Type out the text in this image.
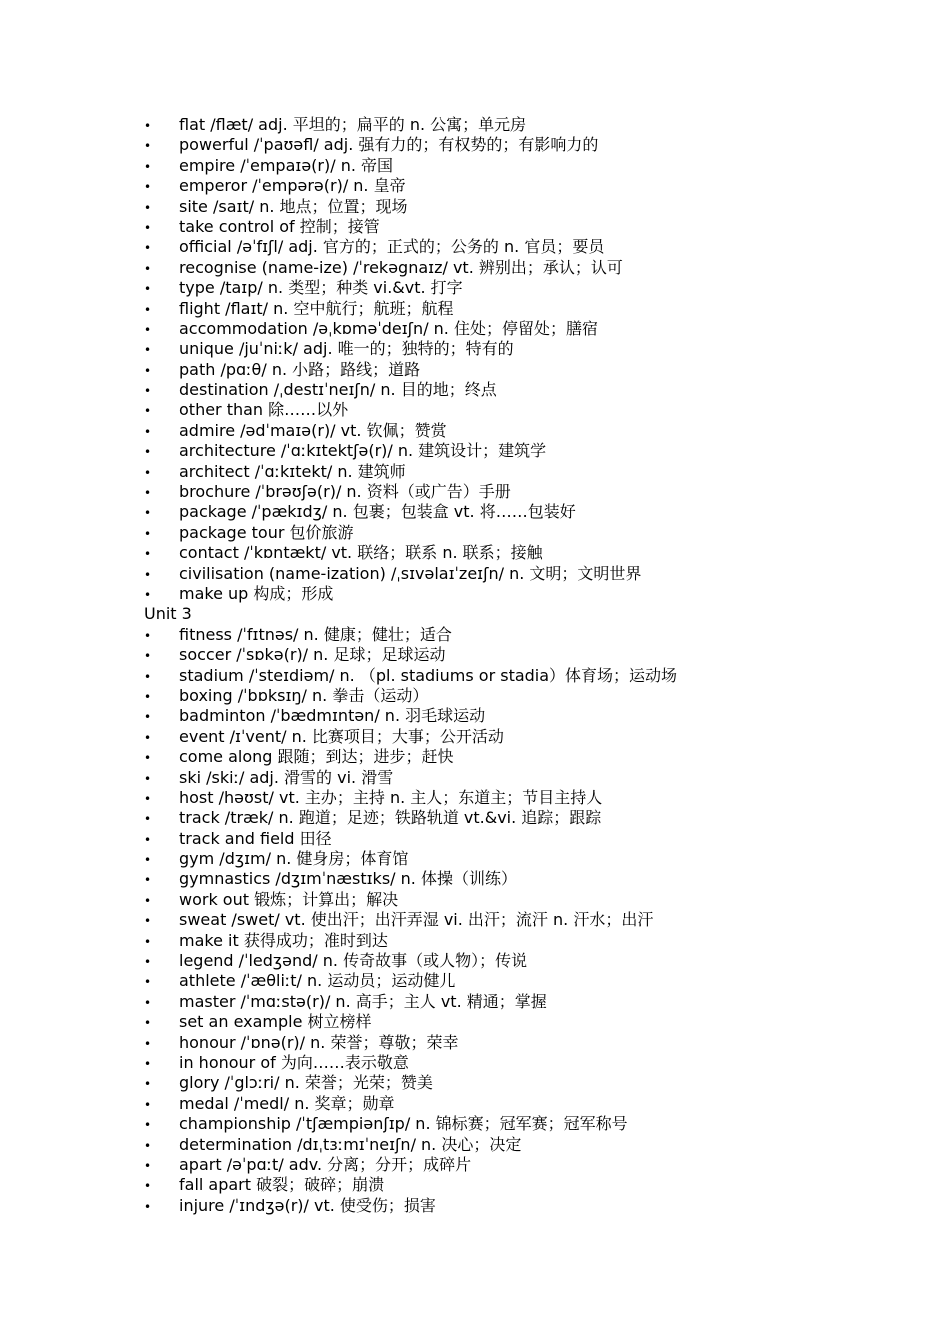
• flat /flæt/ adj. 平坦的；扁平的 n. 公寓；单元房
• powerful /ˈpaʊəfl/ adj. 强有力的；有权势的；有影响力的
• empire /ˈempaɪə(r)/ n. 帝国
• emperor /ˈempərə(r)/ n. 皇帝
• site /saɪt/ n. 地点；位置；现场
• take control of 控制；接管
• official /əˈfɪʃl/ adj. 官方的；正式的；公务的 n. 官员；要员
• recognise (name-ize) /ˈrekəgnaɪz/ vt. 辨别出；承认；认可
• type /taɪp/ n. 类型；种类 vi.&vt. 打字
• flight /flaɪt/ n. 空中航行；航班；航程
• accommodation /əˌkɒməˈdeɪʃn/ n. 住处；停留处；膳宿
• unique /juˈniːk/ adj. 唯一的；独特的；特有的
• path /pɑːθ/ n. 小路；路线；道路
• destination /ˌdestɪˈneɪʃn/ n. 目的地；终点
• other than 除……以外
• admire /ədˈmaɪə(r)/ vt. 钦佩；赞赏
• architecture /ˈɑːkɪtektʃə(r)/ n. 建筑设计；建筑学
• architect /ˈɑːkɪtekt/ n. 建筑师
• brochure /ˈbrəʊʃə(r)/ n. 资料（或广告）手册
• package /ˈpækɪdʒ/ n. 包裹；包装盒 vt. 将……包装好
• package tour 包价旅游
• contact /ˈkɒntækt/ vt. 联络；联系 n. 联系；接触
• civilisation (name-ization) /ˌsɪvəlaɪˈzeɪʃn/ n. 文明；文明世界
• make up 构成；形成
Unit 3
• fitness /ˈfɪtnəs/ n. 健康；健壮；适合
• soccer /ˈsɒkə(r)/ n. 足球；足球运动
• stadium /ˈsteɪdiəm/ n. （pl. stadiums or stadia）体育场；运动场
• boxing /ˈbɒksɪŋ/ n. 拳击（运动）
• badminton /ˈbædmɪntən/ n. 羽毛球运动
• event /ɪˈvent/ n. 比赛项目；大事；公开活动
• come along 跟随；到达；进步；赶快
• ski /skiː/ adj. 滑雪的 vi. 滑雪
• host /həʊst/ vt. 主办；主持 n. 主人；东道主；节目主持人
• track /træk/ n. 跑道；足迹；铁路轨道 vt.&vi. 追踪；跟踪
• track and field 田径
• gym /dʒɪm/ n. 健身房；体育馆
• gymnastics /dʒɪmˈnæstɪks/ n. 体操（训练）
• work out 锻炼；计算出；解决
• sweat /swet/ vt. 使出汗；出汗弄湿 vi. 出汗；流汗 n. 汗水；出汗
• make it 获得成功；准时到达
• legend /ˈledʒənd/ n. 传奇故事（或人物）；传说
• athlete /ˈæθliːt/ n. 运动员；运动健儿
• master /ˈmɑːstə(r)/ n. 高手；主人 vt. 精通；掌握
• set an example 树立榜样
• honour /ˈɒnə(r)/ n. 荣誉；尊敬；荣幸
• in honour of 为向……表示敬意
• glory /ˈglɔːri/ n. 荣誉；光荣；赞美
• medal /ˈmedl/ n. 奖章；勋章
• championship /ˈtʃæmpiənʃɪp/ n. 锦标赛；冠军赛；冠军称号
• determination /dɪˌtɜːmɪˈneɪʃn/ n. 决心；决定
• apart /əˈpɑːt/ adv. 分离；分开；成碎片
• fall apart 破裂；破碎；崩溃
• injure /ˈɪndʒə(r)/ vt. 使受伤；损害
